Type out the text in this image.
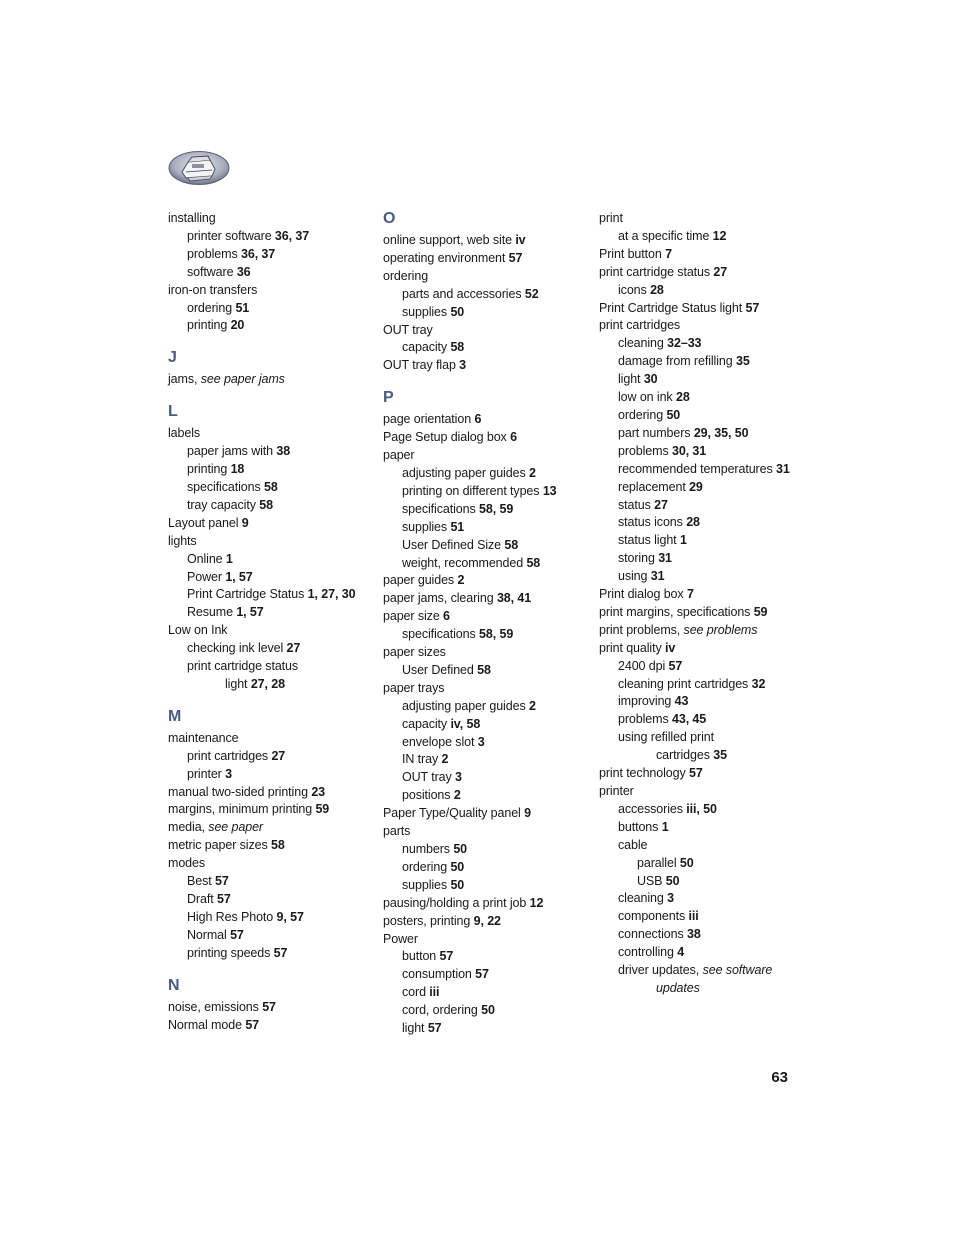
installing
printer software 36, 37
problems 36, 37
software 36
iron-on transfers
ordering 51
printing 20
J
jams, see paper jams
L
labels
paper jams with 38
printing 18
specifications 58
tray capacity 58
Layout panel 9
lights
Online 1
Power 1, 57
Print Cartridge Status 1, 27, 30
Resume 1, 57
Low on Ink
checking ink level 27
print cartridge status
light 27, 28
M
maintenance
print cartridges 27
printer 3
manual two-sided printing 23
margins, minimum printing 59
media, see paper
metric paper sizes 58
modes
Best 57
Draft 57
High Res Photo 9, 57
Normal 57
printing speeds 57
N
noise, emissions 57
Normal mode 57
O
online support, web site iv
operating environment 57
ordering
parts and accessories 52
supplies 50
OUT tray
capacity 58
OUT tray flap 3
P
page orientation 6
Page Setup dialog box 6
paper
adjusting paper guides 2
printing on different types 13
specifications 58, 59
supplies 51
User Defined Size 58
weight, recommended 58
paper guides 2
paper jams, clearing 38, 41
paper size 6
specifications 58, 59
paper sizes
User Defined 58
paper trays
adjusting paper guides 2
capacity iv, 58
envelope slot 3
IN tray 2
OUT tray 3
positions 2
Paper Type/Quality panel 9
parts
numbers 50
ordering 50
supplies 50
pausing/holding a print job 12
posters, printing 9, 22
Power
button 57
consumption 57
cord iii
cord, ordering 50
light 57
print
at a specific time 12
Print button 7
print cartridge status 27
icons 28
Print Cartridge Status light 57
print cartridges
cleaning 32–33
damage from refilling 35
light 30
low on ink 28
ordering 50
part numbers 29, 35, 50
problems 30, 31
recommended temperatures 31
replacement 29
status 27
status icons 28
status light 1
storing 31
using 31
Print dialog box 7
print margins, specifications 59
print problems, see problems
print quality iv
2400 dpi 57
cleaning print cartridges 32
improving 43
problems 43, 45
using refilled print
cartridges 35
print technology 57
printer
accessories iii, 50
buttons 1
cable
parallel 50
USB 50
cleaning 3
components iii
connections 38
controlling 4
driver updates, see software
updates
63
